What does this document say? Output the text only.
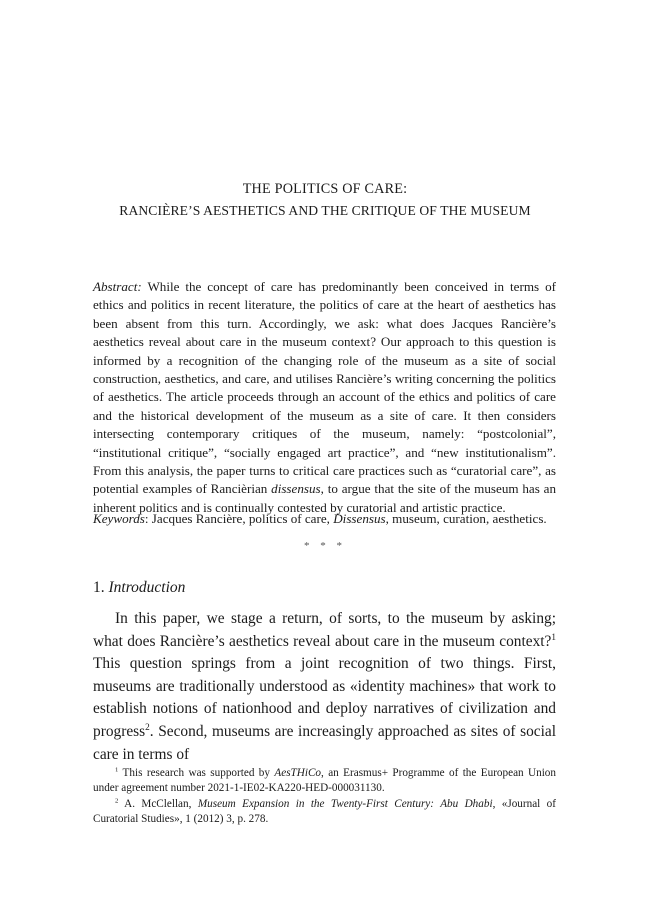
THE POLITICS OF CARE:
RANCIÈRE’S AESTHETICS AND THE CRITIQUE OF THE MUSEUM
Abstract: While the concept of care has predominantly been conceived in terms of ethics and politics in recent literature, the politics of care at the heart of aesthetics has been absent from this turn. Accordingly, we ask: what does Jacques Rancière’s aesthetics reveal about care in the museum context? Our approach to this question is informed by a recognition of the changing role of the museum as a site of social construction, aesthetics, and care, and utilises Rancière’s writing concerning the politics of aesthetics. The article proceeds through an account of the ethics and politics of care and the historical development of the museum as a site of care. It then considers intersecting contemporary critiques of the museum, namely: “postcolonial”, “institutional critique”, “socially engaged art practice”, and “new institutionalism”. From this analysis, the paper turns to critical care practices such as “curatorial care”, as potential examples of Rancièrian dissensus, to argue that the site of the museum has an inherent politics and is continually contested by curatorial and artistic practice.
Keywords: Jacques Rancière, politics of care, Dissensus, museum, curation, aesthetics.
* * *
1. Introduction

In this paper, we stage a return, of sorts, to the museum by asking; what does Rancière’s aesthetics reveal about care in the museum context?$^1$ This question springs from a joint recognition of two things. First, museums are traditionally understood as «identity machines» that work to establish notions of nationhood and deploy narratives of civilization and progress$^2$. Second, museums are increasingly approached as sites of social care in terms of

$^1$ This research was supported by AesTHiCo, an Erasmus+ Programme of the European Union under agreement number 2021-1-IE02-KA220-HED-000031130.

$^2$ A. McClellan, Museum Expansion in the Twenty-First Century: Abu Dhabi, «Journal of Curatorial Studies», 1 (2012) 3, p. 278.
